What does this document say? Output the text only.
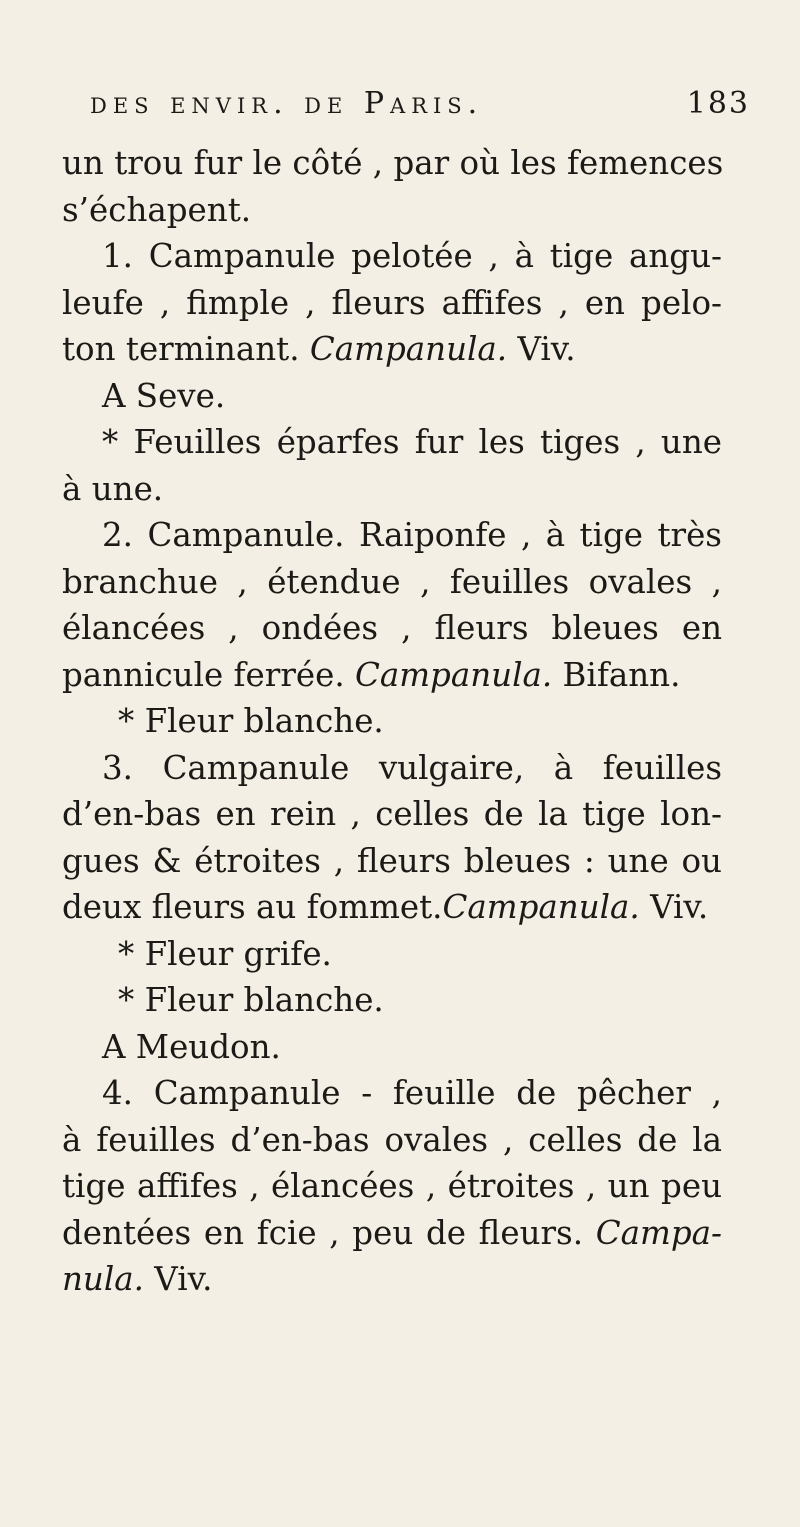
des envir. de Paris.	183
un trou fur le côté , par où les femences
s’échapent.
1. Campanule pelotée , à tige angu-
leufe , fimple , fleurs affifes , en pelo-
ton terminant. Campanula. Viv.
A Seve.
* Feuilles éparfes fur les tiges , une
à une.
2. Campanule. Raiponfe , à tige très
branchue , étendue , feuilles ovales ,
élancées , ondées , fleurs bleues en
pannicule ferrée. Campanula. Bifann.
* Fleur blanche.
3. Campanule vulgaire, à feuilles
d’en-bas en rein , celles de la tige lon-
gues & étroites , fleurs bleues : une ou
deux fleurs au fommet.Campanula. Viv.
* Fleur grife.
* Fleur blanche.
A Meudon.
4. Campanule - feuille de pêcher ,
à feuilles d’en-bas ovales , celles de la
tige affifes , élancées , étroites , un peu
dentées en fcie , peu de fleurs. Campa-
nula. Viv.
